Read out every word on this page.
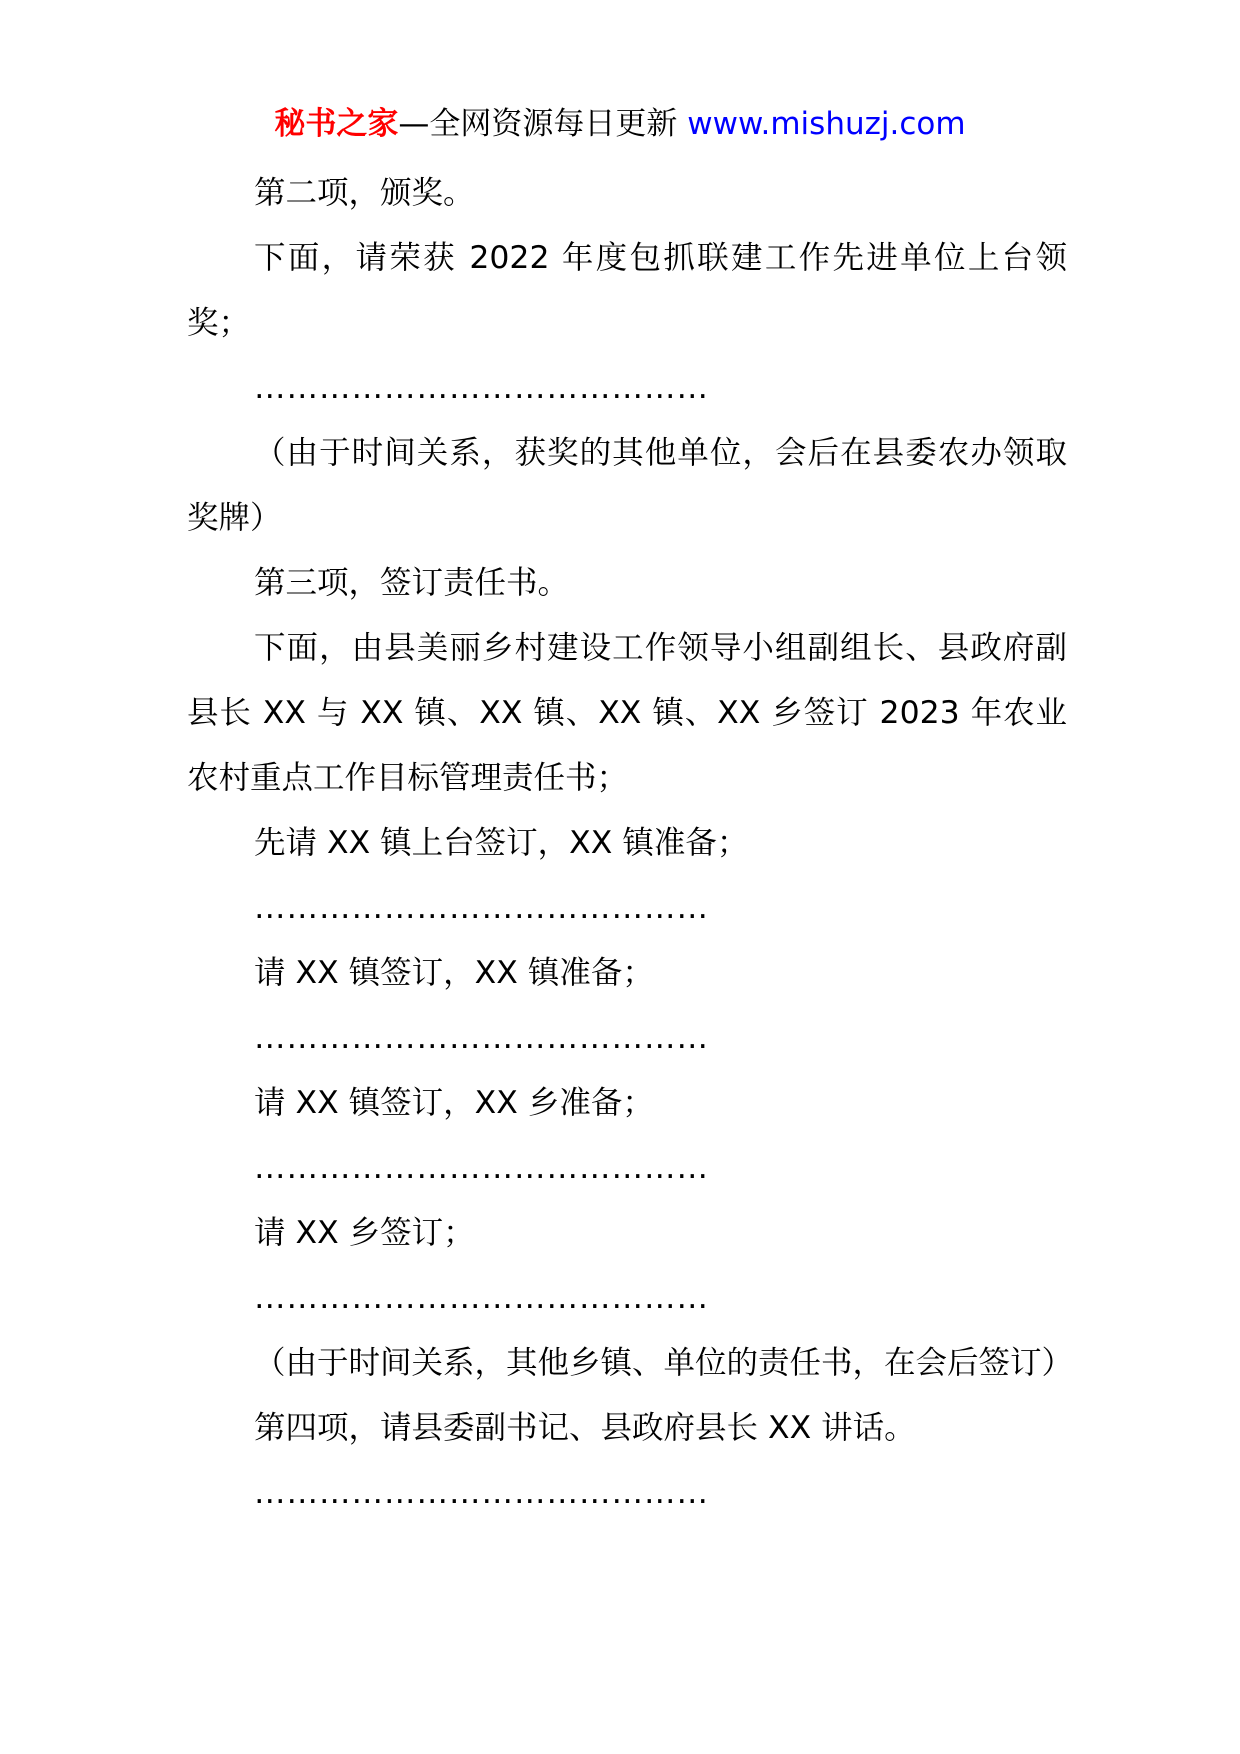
秘书之家—全网资源每日更新 www.mishuzj.com

第二项，颁奖。

下面，请荣获 2022 年度包抓联建工作先进单位上台领奖；

……………………………………

（由于时间关系，获奖的其他单位，会后在县委农办领取奖牌）

第三项，签订责任书。

下面，由县美丽乡村建设工作领导小组副组长、县政府副县长 XX 与 XX 镇、XX 镇、XX 镇、XX 乡签订 2023 年农业农村重点工作目标管理责任书；

先请 XX 镇上台签订，XX 镇准备；

……………………………………

请 XX 镇签订，XX 镇准备；

……………………………………

请 XX 镇签订，XX 乡准备；

……………………………………

请 XX 乡签订；

……………………………………

（由于时间关系，其他乡镇、单位的责任书，在会后签订）

第四项，请县委副书记、县政府县长 XX 讲话。

……………………………………
